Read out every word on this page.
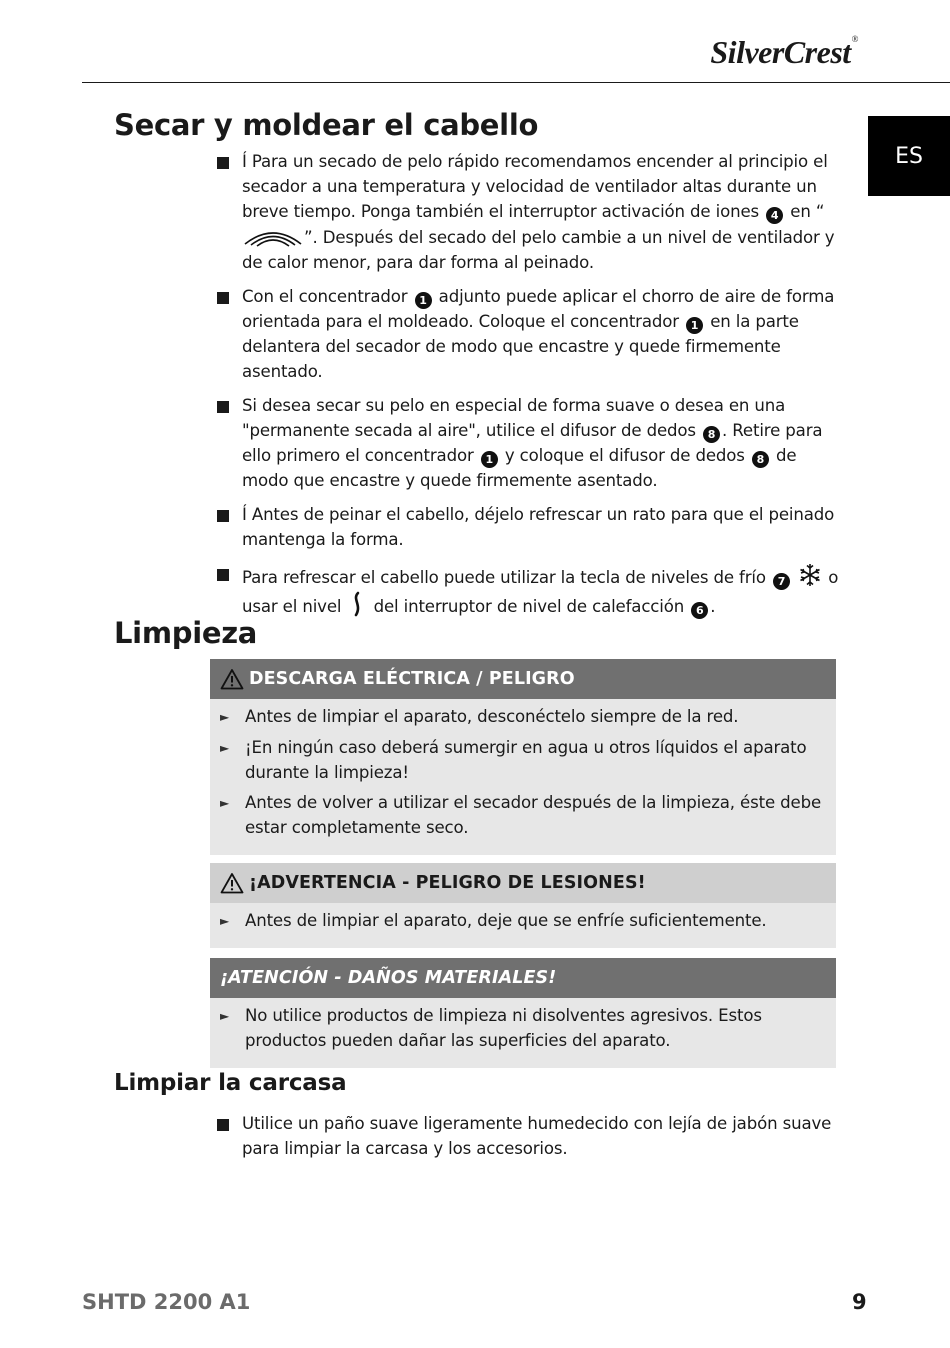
SilverCrest®
ES
Secar y moldear el cabello
Í Para un secado de pelo rápido recomendamos encender al principio el secador a una temperatura y velocidad de ventilador altas durante un breve tiempo. Ponga también el interruptor activación de iones 4 en “”. Después del secado del pelo cambie a un nivel de ventilador y de calor menor, para dar forma al peinado.
Con el concentrador 1 adjunto puede aplicar el chorro de aire de forma orientada para el moldeado. Coloque el concentrador 1 en la parte delantera del secador de modo que encastre y quede firmemente asentado.
Si desea secar su pelo en especial de forma suave o desea en una "permanente secada al aire", utilice el difusor de dedos 8 . Retire para ello primero el concentrador 1 y coloque el difusor de dedos 8 de modo que encastre y quede firmemente asentado.
Í Antes de peinar el cabello, déjelo refrescar un rato para que el peinado mantenga la forma.
Para refrescar el cabello puede utilizar la tecla de niveles de frío 7	o usar el nivel del interruptor de nivel de calefacción 6 .
Limpieza
DESCARGA ELÉCTRICA / PELIGRO
► Antes de limpiar el aparato, desconéctelo siempre de la red.
► ¡En ningún caso deberá sumergir en agua u otros líquidos el aparato durante la limpieza!
► Antes de volver a utilizar el secador después de la limpieza, éste debe estar completamente seco.
¡ADVERTENCIA - PELIGRO DE LESIONES!
► Antes de limpiar el aparato, deje que se enfríe suficientemente.
¡ATENCIÓN - DAÑOS MATERIALES!
► No utilice productos de limpieza ni disolventes agresivos. Estos productos pueden dañar las superficies del aparato.
Limpiar la carcasa
Utilice un paño suave ligeramente humedecido con lejía de jabón suave para limpiar la carcasa y los accesorios.
SHTD 2200 A1	9
